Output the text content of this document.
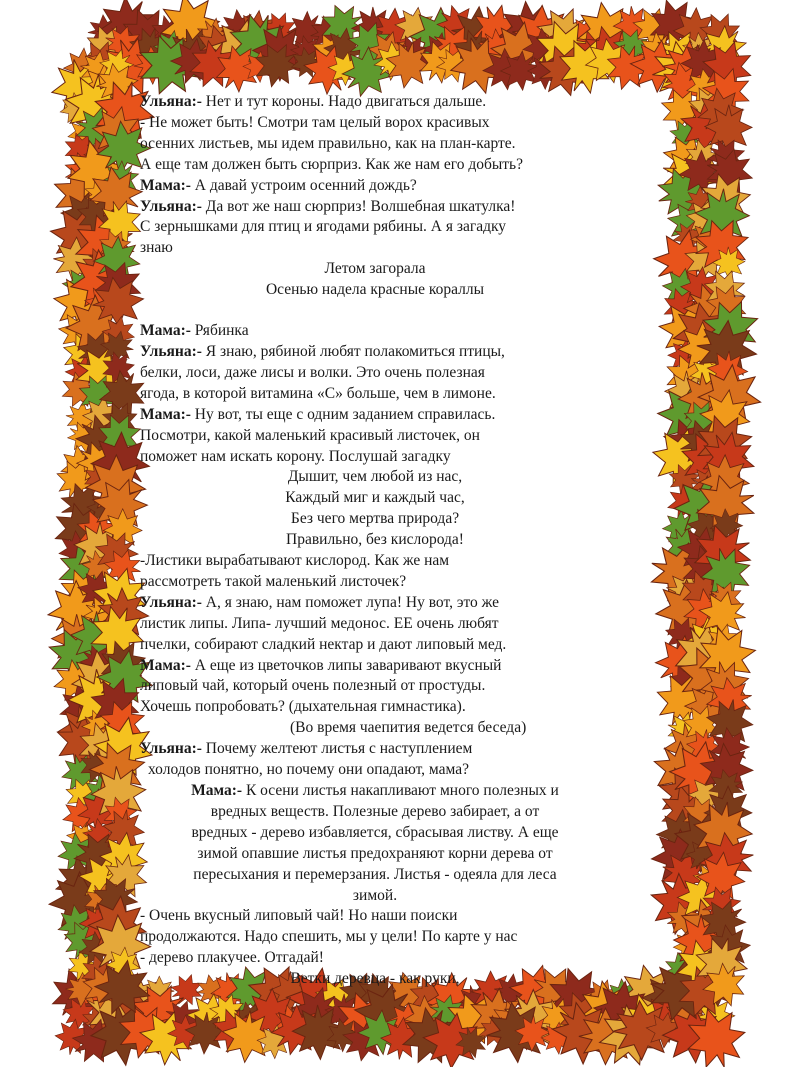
Ульяна:- Нет и тут короны. Надо двигаться дальше.

- Не может быть! Смотри там целый ворох красивых

осенних листьев, мы идем правильно, как на план-карте.

А еще там должен быть сюрприз. Как же нам его добыть?

Мама:- А давай устроим осенний дождь?

Ульяна:- Да вот же наш сюрприз! Волшебная шкатулка!

С зернышками для птиц и ягодами рябины. А я загадку

знаю

Летом загорала

Осенью надела красные кораллы

Мама:- Рябинка

Ульяна:- Я знаю, рябиной любят полакомиться птицы,

белки, лоси, даже лисы и волки. Это очень полезная

ягода, в которой витамина «С» больше, чем в лимоне.

Мама:- Ну вот, ты еще с одним заданием справилась.

Посмотри, какой маленький красивый листочек, он

поможет нам искать корону. Послушай загадку

Дышит, чем любой из нас,

Каждый миг и каждый час,

Без чего мертва природа?

Правильно, без кислорода!

-Листики вырабатывают кислород. Как же нам

рассмотреть такой маленький листочек?

Ульяна:- А, я знаю, нам поможет лупа! Ну вот, это же

листик липы. Липа- лучший медонос. ЕЕ очень любят

пчелки, собирают сладкий нектар и дают липовый мед.

Мама:- А еще из цветочков липы заваривают вкусный

липовый чай, который очень полезный от простуды.

Хочешь попробовать? (дыхательная гимнастика).

(Во время чаепития ведется беседа)

Ульяна:- Почему желтеют листья с наступлением

холодов понятно, но почему они опадают, мама?

Мама:- К осени листья накапливают много полезных и

вредных веществ. Полезные дерево забирает, а от

вредных - дерево избавляется, сбрасывая листву. А еще

зимой опавшие листья предохраняют корни дерева от

пересыхания и перемерзания. Листья - одеяла для леса

зимой.

- Очень вкусный липовый чай! Но наши поиски

продолжаются. Надо спешить, мы у цели! По карте у нас

- дерево плакучее. Отгадай!

Ветки деревца - как руки,
